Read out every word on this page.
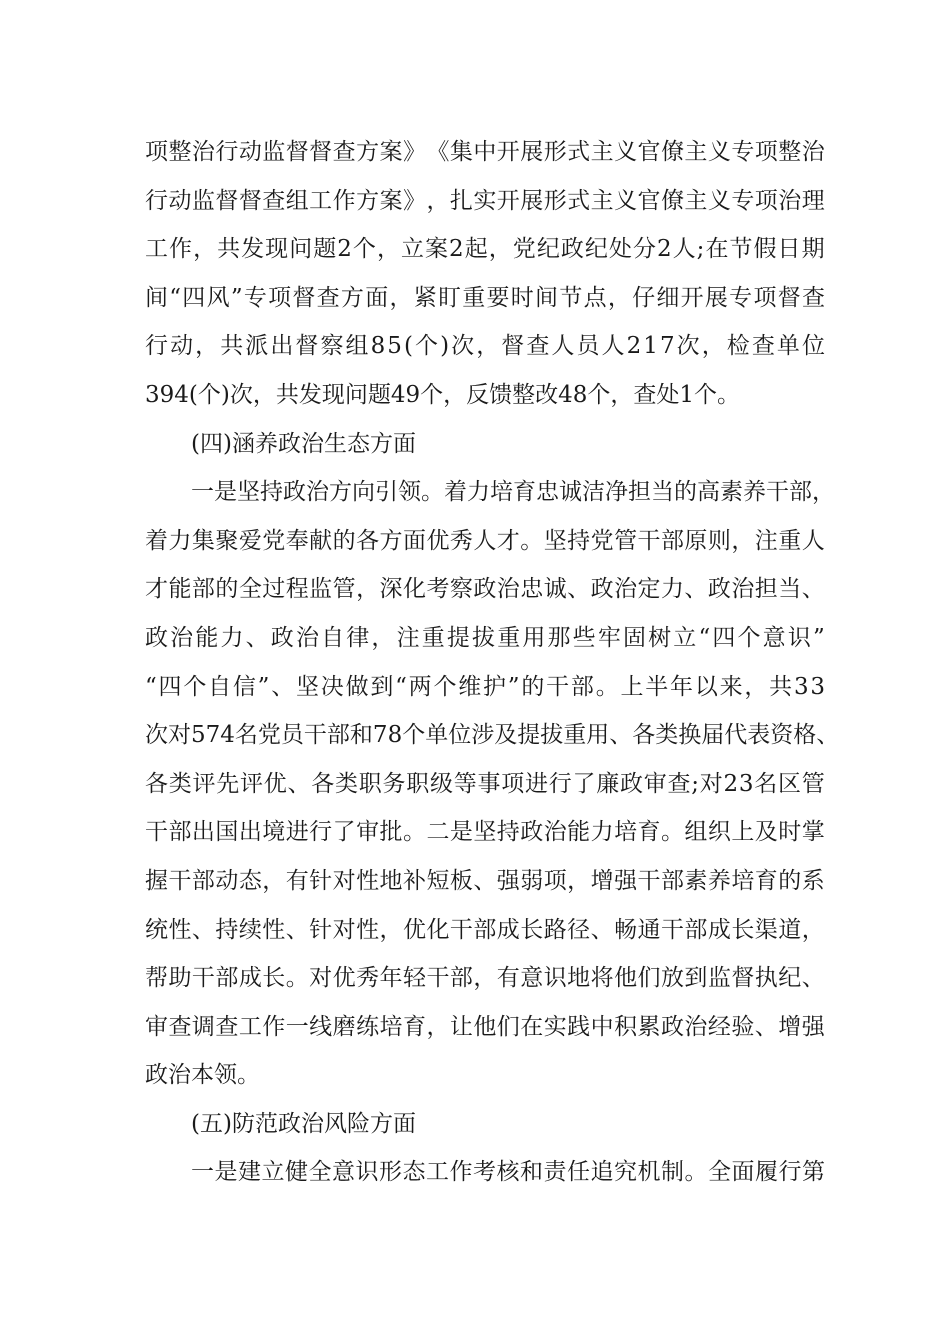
项 整 治 行 动 监 督 督 查 方 案 》 《 集 中 开 展 形 式 主 义 官 僚 主 义 专 项 整 治
行 动 监 督 督 查 组 工 作 方 案 》 ， 扎 实 开 展 形 式 主 义 官 僚 主 义 专 项 治 理
工 作 ， 共 发 现 问 题 2 个 ， 立 案 2 起 ， 党 纪 政 纪 处 分 2 人 ; 在 节 假 日 期
间 “ 四 风 ” 专 项 督 查 方 面 ， 紧 盯 重 要 时 间 节 点 ， 仔 细 开 展 专 项 督 查
行 动 ， 共 派 出 督 察 组 8 5 ( 个 ) 次 ， 督 查 人 员 人 2 1 7 次 ， 检 查 单 位
394(个)次，共发现问题49个，反馈整改48个，查处1个。
(四)涵养政治生态方面
一 是 坚 持 政 治 方 向 引 领 。 着 力 培 育 忠 诚 洁 净 担 当 的 高 素 养 干 部 ，
着 力 集 聚 爱 党 奉 献 的 各 方 面 优 秀 人 才 。 坚 持 党 管 干 部 原 则 ， 注 重 人
才 能 部 的 全 过 程 监 管 ， 深 化 考 察 政 治 忠 诚 、 政 治 定 力 、 政 治 担 当 、
政 治 能 力 、 政 治 自 律 ， 注 重 提 拔 重 用 那 些 牢 固 树 立 “ 四 个 意 识 ”
“ 四 个 自 信 ” 、 坚 决 做 到 “ 两 个 维 护 ” 的 干 部 。 上 半 年 以 来 ， 共 3 3
次 对 5 7 4 名 党 员 干 部 和 7 8 个 单 位 涉 及 提 拔 重 用 、 各 类 换 届 代 表 资 格 、
各 类 评 先 评 优 、 各 类 职 务 职 级 等 事 项 进 行 了 廉 政 审 查 ; 对 2 3 名 区 管
干 部 出 国 出 境 进 行 了 审 批 。 二 是 坚 持 政 治 能 力 培 育 。 组 织 上 及 时 掌
握 干 部 动 态 ， 有 针 对 性 地 补 短 板 、 强 弱 项 ， 增 强 干 部 素 养 培 育 的 系
统 性 、 持 续 性 、 针 对 性 ， 优 化 干 部 成 长 路 径 、 畅 通 干 部 成 长 渠 道 ，
帮 助 干 部 成 长 。 对 优 秀 年 轻 干 部 ， 有 意 识 地 将 他 们 放 到 监 督 执 纪 、
审 查 调 查 工 作 一 线 磨 练 培 育 ， 让 他 们 在 实 践 中 积 累 政 治 经 验 、 增 强
政治本领。
(五)防范政治风险方面
一 是 建 立 健 全 意 识 形 态 工 作 考 核 和 责 任 追 究 机 制 。 全 面 履 行 第
